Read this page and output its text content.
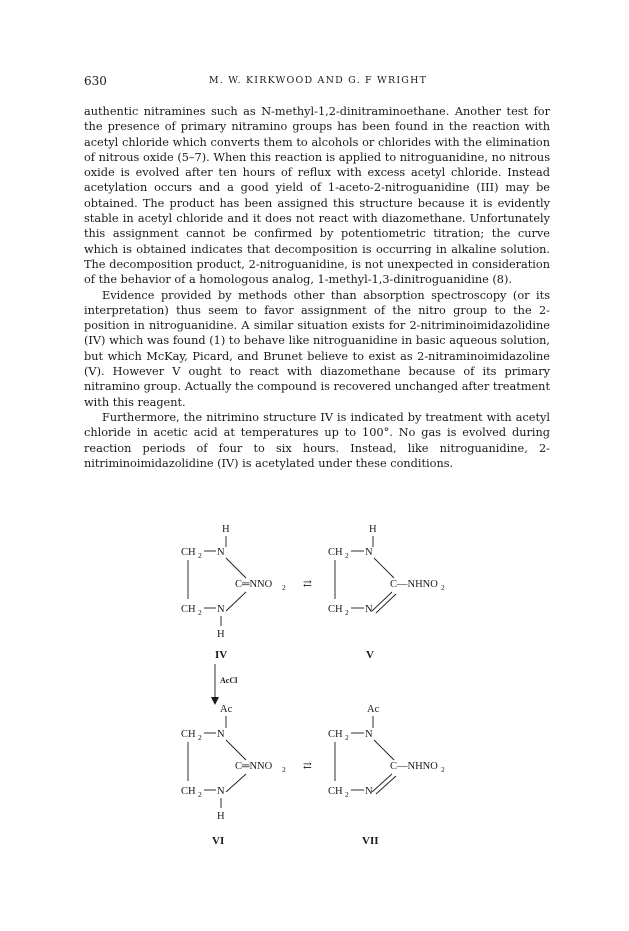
630	M. W. KIRKWOOD AND G. F WRIGHT

authentic nitramines such as N-methyl-1,2-dinitraminoethane. Another test for the presence of primary nitramino groups has been found in the reaction with acetyl chloride which converts them to alcohols or chlorides with the elimination of nitrous oxide (5–7). When this reaction is applied to nitroguanidine, no nitrous oxide is evolved after ten hours of reflux with excess acetyl chloride. Instead acetylation occurs and a good yield of 1-aceto-2-nitroguanidine (III) may be obtained. The product has been assigned this structure because it is evidently stable in acetyl chloride and it does not react with diazomethane. Unfortunately this assignment cannot be confirmed by potentiometric titration; the curve which is obtained indicates that decomposition is occurring in alkaline solution. The decomposition product, 2-nitroguanidine, is not unexpected in consideration of the behavior of a homologous analog, 1-methyl-1,3-dinitroguanidine (8).

Evidence provided by methods other than absorption spectroscopy (or its interpretation) thus seem to favor assignment of the nitro group to the 2-position in nitroguanidine. A similar situation exists for 2-nitriminoimidazolidine (IV) which was found (1) to behave like nitroguanidine in basic aqueous solution, but which McKay, Picard, and Brunet believe to exist as 2-nitraminoimidazoline (V). However V ought to react with diazomethane because of its primary nitramino group. Actually the compound is recovered unchanged after treatment with this reagent.

Furthermore, the nitrimino structure IV is indicated by treatment with acetyl chloride in acetic acid at temperatures up to 100°. No gas is evolved during reaction periods of four to six hours. Instead, like nitroguanidine, 2-nitriminoimidazolidine (IV) is acetylated under these conditions.

H
CH 2 N
C═NNO 2
CH 2 N
H
⇄
H
CH 2 N
C—NHNO 2
CH 2 N
IV	V
AcCl
Ac
CH 2 N
C═NNO 2
CH 2 N
H
⇄
Ac
CH 2 N
C—NHNO 2
CH 2 N
VI	VII
